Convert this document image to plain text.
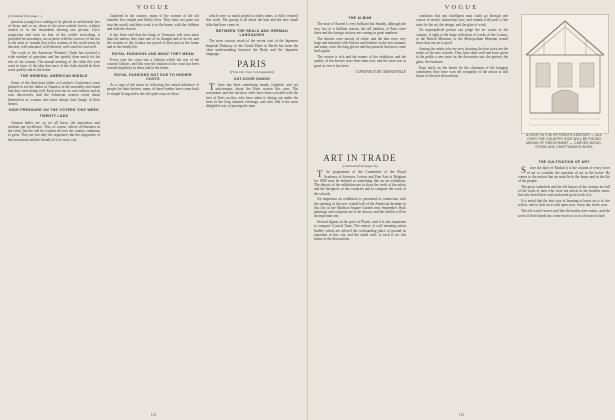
VOGUE

(Continued from page ...)

precious young lives waiting to be placed in sufficiently few of them, and so on, down to the poor outside forces, without ceased or as the incumbent missing one picture. Life's suspicions and even its fear of the world: everything is provided for nowadays, are at peace with the sorrows of the tier to the taste of women that every woman of the world must be discreet, well educated, well-dressed, well cared for and well.

The work of the American Women's Clubs has touched a wide number of questions and has quietly done much for the rest of our country. The annual meeting of the clubs this year went in favor of the idea that most of the clubs should do their work quietly and in the home.

THE GENERAL AMERICAN MIDDLE

Some of the American ladies at London's Conference were pleased to see the ladies of America in the assembly and found that they were doing well. Each year has its own interest and its own discoveries, and the American women wrote about themselves as women who have always had charge of their homes.

HIGH PRESSURE ON THE VOTERS THIS WEEK
TWENTY LADS

German ladies are, as we all know, the innovators and students par excellence. This, of course, affects all business in the cities, but the call for women all over the country continues to grow. They are not only the organizers but the supporters of the movement and the friends of it in every city.

Gathered in the country, many of the women of the old families live simple and thrifty lives. They have not gone out into the world, and their work is in the home, with the children and with the church.

It has been said that the kings of Germany rule over more than the nation; they take care of its thought and of its art, and the women of the country are proud of their part in the home and in the family life.

ROYAL FASHIONS AND WHAT THEY MEAN

Every year the court sets a fashion which the rest of the country follows, and this year the fashion of the court has been toward simplicity in dress and in the home.

ROYAL FASHIONS NOT DUE TO HIGHER COSTS

As a sign of the times in following the actual influence of people for their interest, many of these leaders have come back to simple living and to the old quiet ways of dress.

which were so much prized in olden times, is fully restored this week. The gossip is all about the hats and the new small felts that have come in.

BETWEEN THE REALS AND GERMAN LANGUAGES

The most curious result of the recent visit of the Japanese Imperial Embassy to the Grand Duke in Berlin has been the clear understanding between the Reals and the Japanese language.

PARIS
(From Our Own Correspondent)
OUT-DOOR DINING

There has been something steady, frightful, and yet unfortunate, about the Paris season this year. The restaurants and the out-door cafés have been crowded with the best of Paris society, who have taken to dining out under the trees in the long summer evenings, and who find it the most delightful way of passing the time.

114
VOGUE
THE ALBUM

The taste of Kornel is very brilliant but Sunday, although the very last of a brilliant season, the old families of Paris were there and the foreign visitors are coming in great numbers.

The dresses were mostly of white, and the hats were very large and trimmed with flowers and feathers in the new manner, and many wore the long gloves and the parasols that have come back again.

The season is rich and the names of the exhibitors and the quality of the dresses were finer than ever, and the taste was as good as ever it has been.

CONSTANCE DE GRANGEVILLE

ART IN TRADE
(Continued from page 26)

The programme of the Committee of the Royal Academy of Sciences, Letters and Fine Arts of Belgium for 1899 may be defined as something like an art exhibition. The objects of the exhibition are to show the work of the artists and the designers of the countries and to compare the work of the schools.

An important art exhibition is presented in connection with the opening of the new central hall of the American Institute in this city in the Madison Square Garden next September. Both paintings and sculpture are to be shown, and the exhibit will be an important one.

Several figures in the price of Plastic, and it is also important to compare Cynical Taste. The variety of well meaning artists findely which are offered the confounding place of ground its exponent of this city, and the small craft, to each is for this house of the decorations.

condition that any intelligent man could go through one course of artistic instruction now, and remain with such a fine taste for the art, the design, and the plan of work.

No unprejudiced person can judge the art works of the country. A sight at the large collection of works of the Louvre, or the British Museum, or the Metropolitan Museum would show that our art is good.

Among the artists who are now showing the best work are the artists of the new schools. They have done well and have given to the public a new taste for the decorative arts, the pottery, the glass, the furniture.

Kept fairly on the bench by the chairman of the hanging committee, they have won the sympathy of the artists in this house of the new decorations.

A ROOF IN THE FIFTEENTH CENTURY — ALL OVER THE COUNTRY SIDE WILL BE FOUND MEANS OF ENRICHMENT — CARVED WOOD, STONE AND CRAFTSMAN'S WORK
THE CULTIVATION OF ART

Since the days of Ruskin it is the custom of every lover of art to consider the question of art in the home. He comes to the notion that art must be in the home and in the life of the people.

The great cathedrals and the old houses of the country are full of the work of men who were not artists in the modern sense, but who loved their craft and made good work of it.

It is noted that the best way of learning to know art is to live with it, and to look on it with open eyes, every day in the year.

The old wood-carvers and the old smiths were artists, and the work of their hands has come down to us as a lesson in taste.

115
